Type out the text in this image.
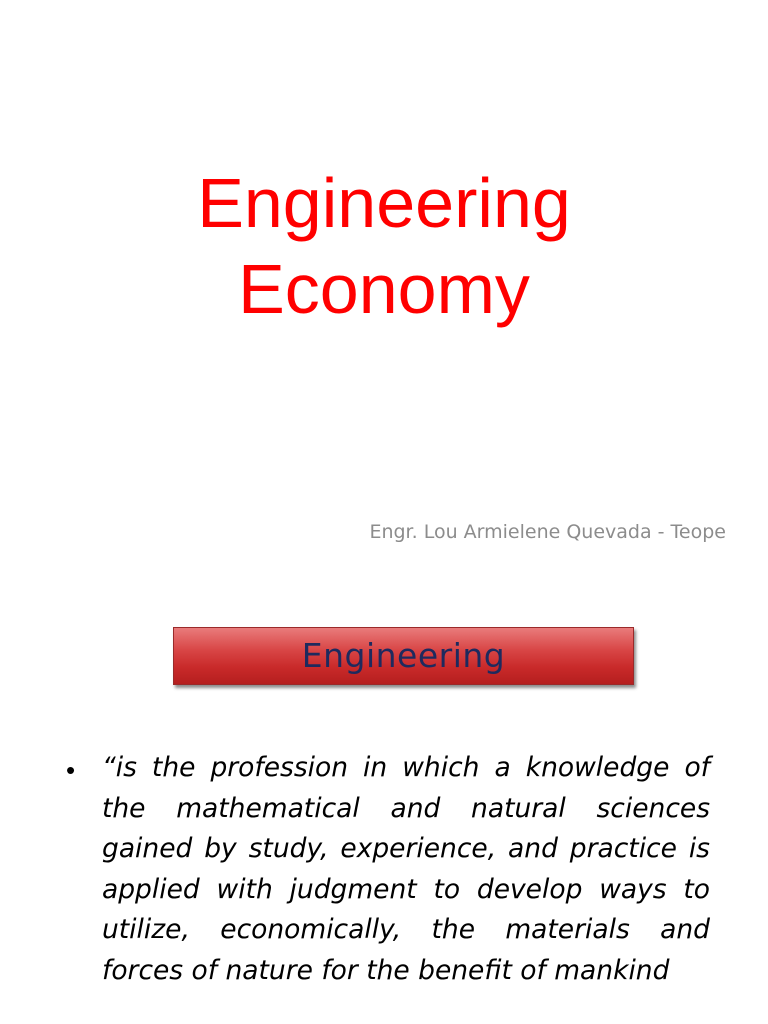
Engineering
Economy
Engr. Lou Armielene Quevada - Teope
Engineering
• “is the profession in which a knowledge of the mathematical and natural sciences gained by study, experience, and practice is applied with judgment to develop ways to utilize, economically, the materials and forces of nature for the benefit of mankind
